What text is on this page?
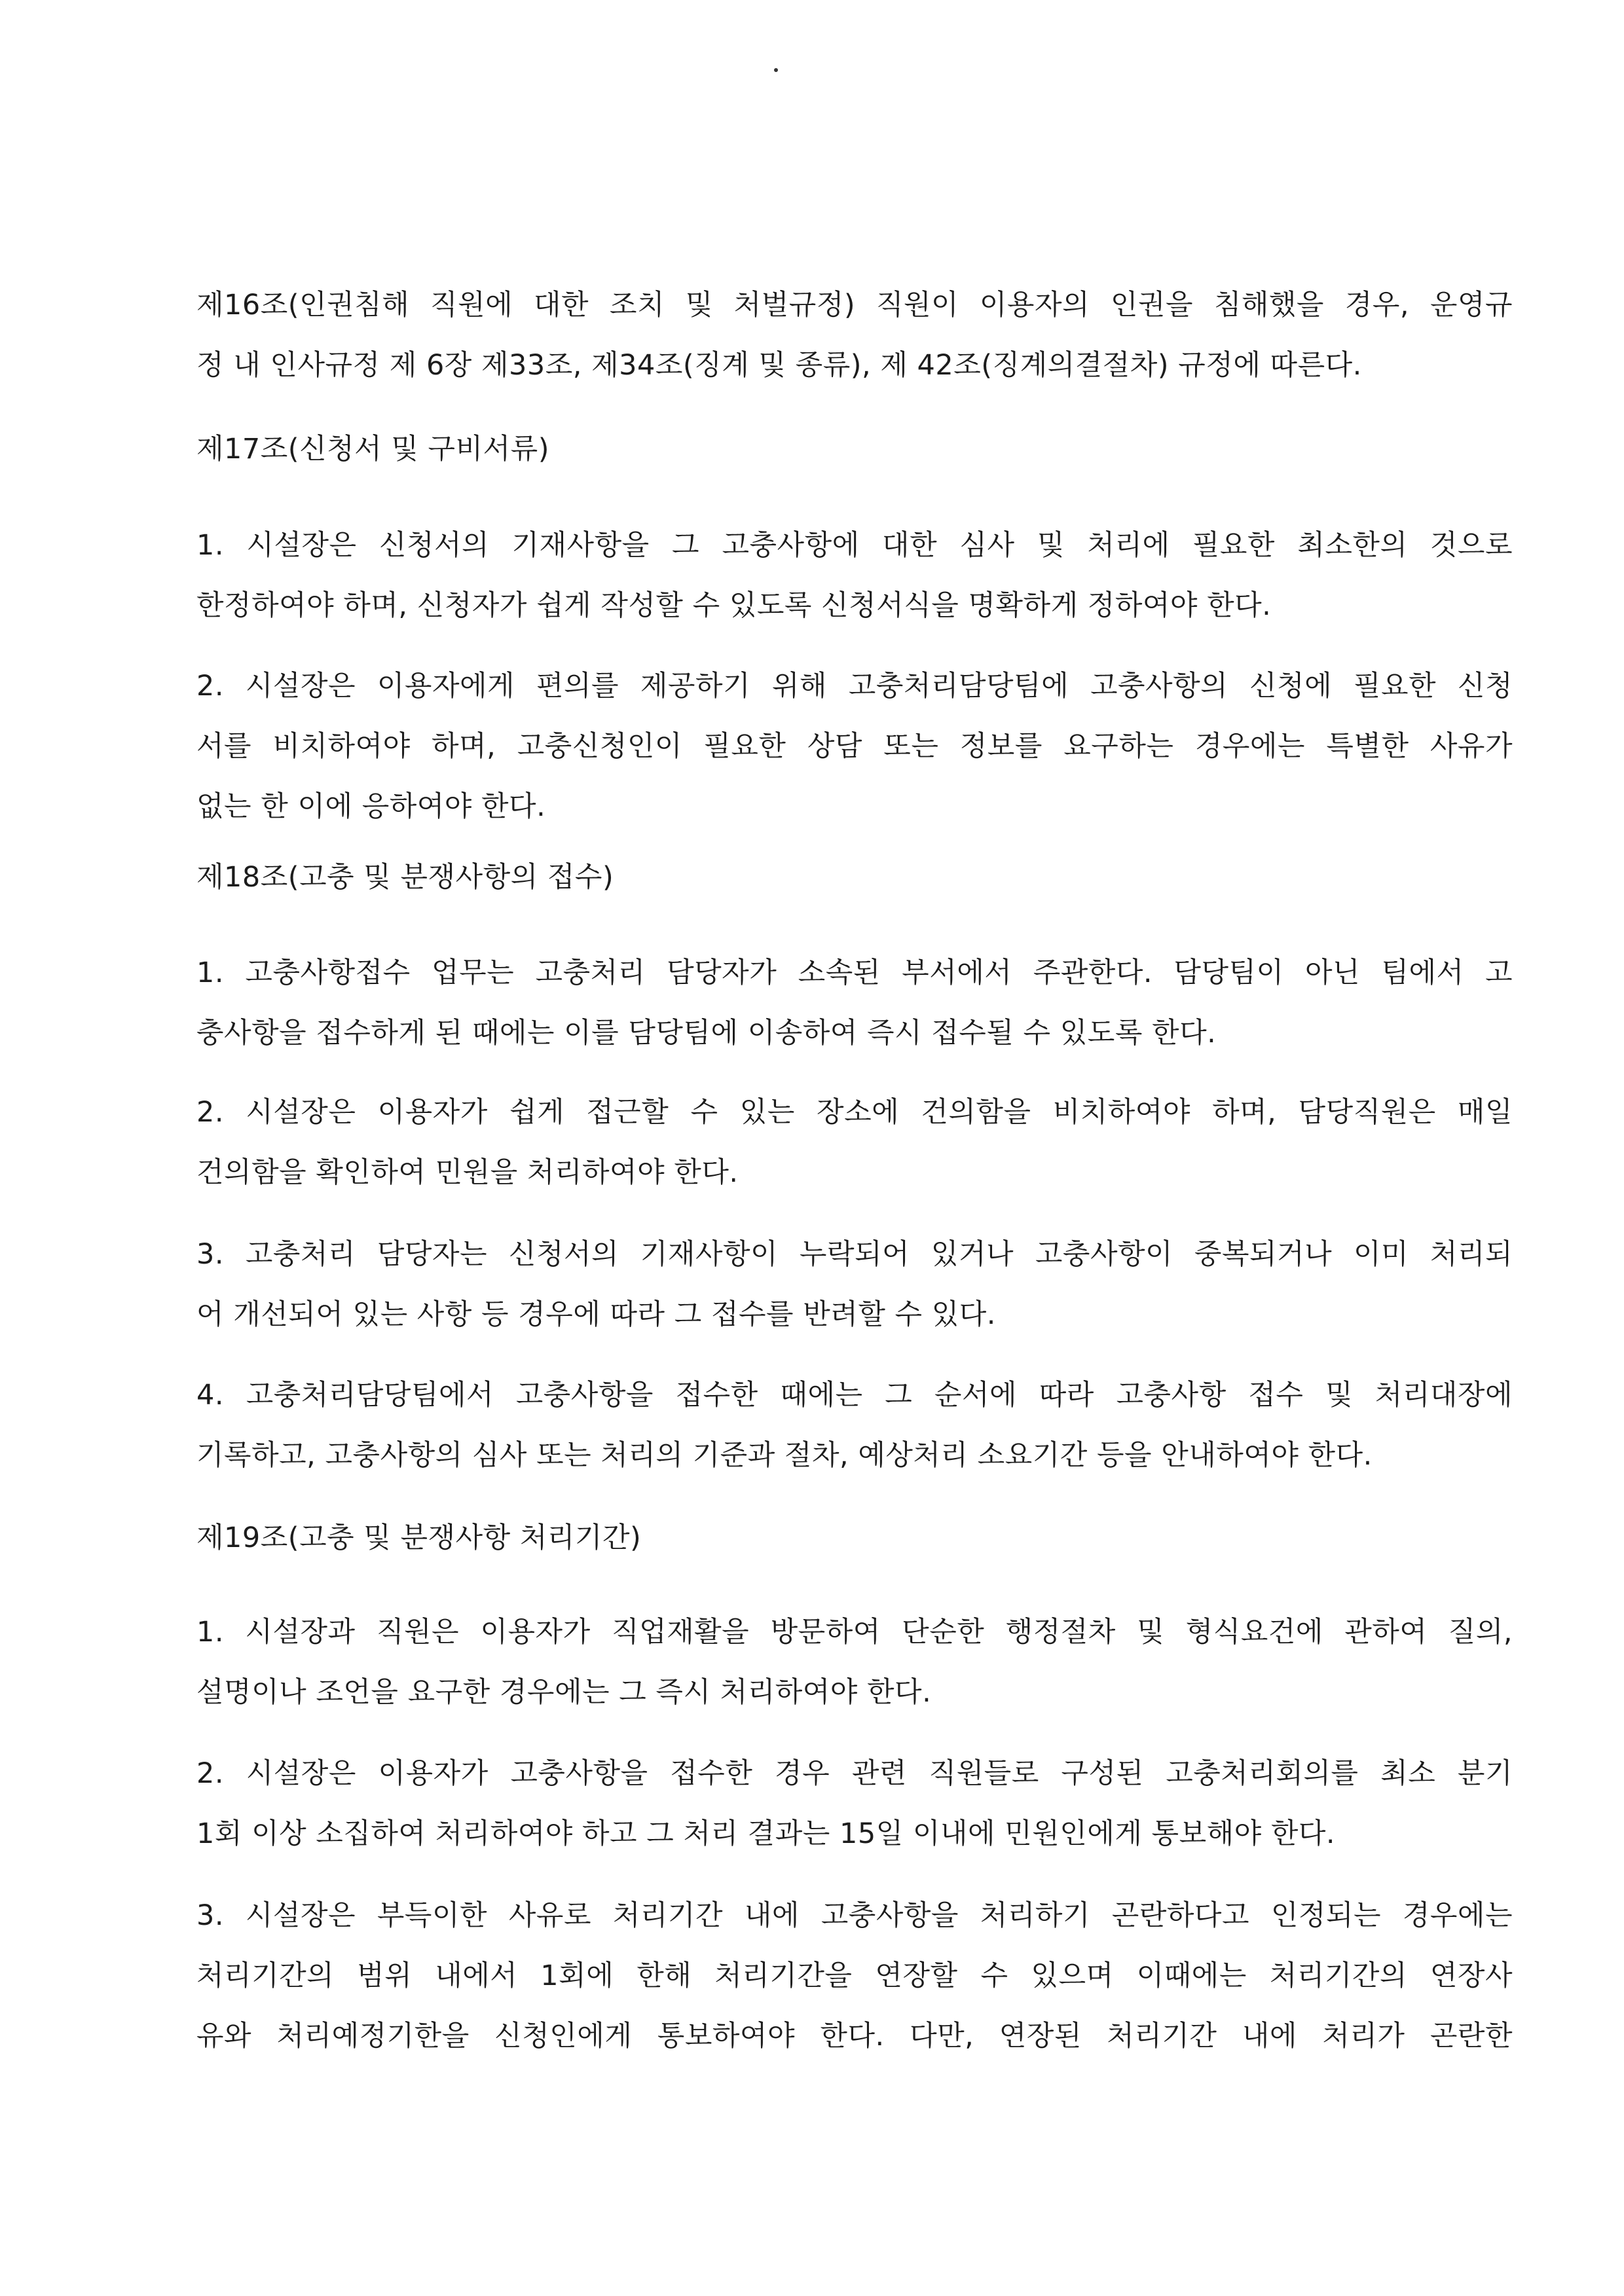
제16조(인권침해 직원에 대한 조치 및 처벌규정) 직원이 이용자의 인권을 침해했을 경우, 운영규
정 내 인사규정 제 6장 제33조, 제34조(징계 및 종류), 제 42조(징계의결절차) 규정에 따른다.
제17조(신청서 및 구비서류)
1. 시설장은 신청서의 기재사항을 그 고충사항에 대한 심사 및 처리에 필요한 최소한의 것으로
한정하여야 하며, 신청자가 쉽게 작성할 수 있도록 신청서식을 명확하게 정하여야 한다.
2. 시설장은 이용자에게 편의를 제공하기 위해 고충처리담당팀에 고충사항의 신청에 필요한 신청
서를 비치하여야 하며, 고충신청인이 필요한 상담 또는 정보를 요구하는 경우에는 특별한 사유가
없는 한 이에 응하여야 한다.
제18조(고충 및 분쟁사항의 접수)
1. 고충사항접수 업무는 고충처리 담당자가 소속된 부서에서 주관한다. 담당팀이 아닌 팀에서 고
충사항을 접수하게 된 때에는 이를 담당팀에 이송하여 즉시 접수될 수 있도록 한다.
2. 시설장은 이용자가 쉽게 접근할 수 있는 장소에 건의함을 비치하여야 하며, 담당직원은 매일
건의함을 확인하여 민원을 처리하여야 한다.
3. 고충처리 담당자는 신청서의 기재사항이 누락되어 있거나 고충사항이 중복되거나 이미 처리되
어 개선되어 있는 사항 등 경우에 따라 그 접수를 반려할 수 있다.
4. 고충처리담당팀에서 고충사항을 접수한 때에는 그 순서에 따라 고충사항 접수 및 처리대장에
기록하고, 고충사항의 심사 또는 처리의 기준과 절차, 예상처리 소요기간 등을 안내하여야 한다.
제19조(고충 및 분쟁사항 처리기간)
1. 시설장과 직원은 이용자가 직업재활을 방문하여 단순한 행정절차 및 형식요건에 관하여 질의,
설명이나 조언을 요구한 경우에는 그 즉시 처리하여야 한다.
2. 시설장은 이용자가 고충사항을 접수한 경우 관련 직원들로 구성된 고충처리회의를 최소 분기
1회 이상 소집하여 처리하여야 하고 그 처리 결과는 15일 이내에 민원인에게 통보해야 한다.
3. 시설장은 부득이한 사유로 처리기간 내에 고충사항을 처리하기 곤란하다고 인정되는 경우에는
처리기간의 범위 내에서 1회에 한해 처리기간을 연장할 수 있으며 이때에는 처리기간의 연장사
유와 처리예정기한을 신청인에게 통보하여야 한다. 다만, 연장된 처리기간 내에 처리가 곤란한
